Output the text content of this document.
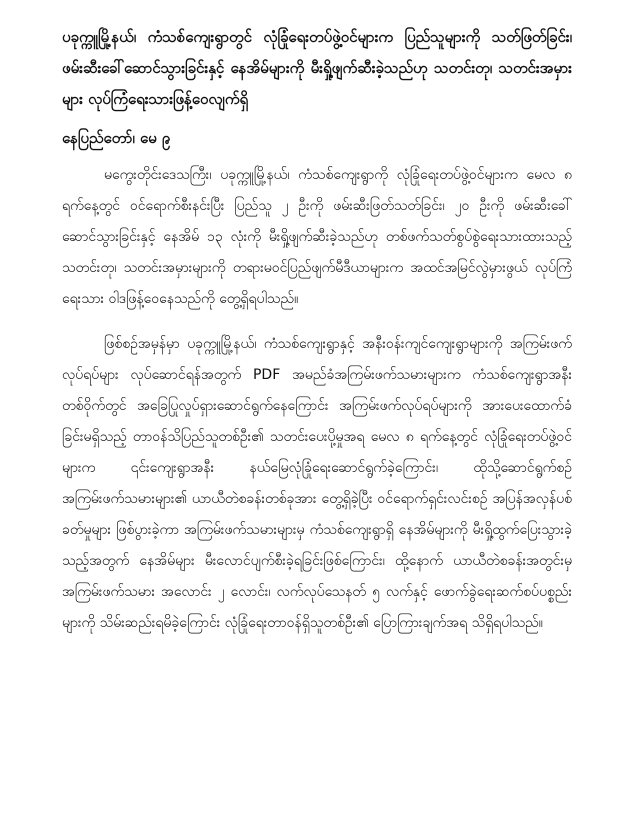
ပခုက္ကူမြို့နယ်၊ ကံသစ်ကျေးရွာတွင် လုံခြုံရေးတပ်ဖွဲ့ဝင်များက ပြည်သူများကို သတ်ဖြတ်ခြင်း၊ ဖမ်းဆီးခေါ်ဆောင်သွားခြင်းနှင့် နေအိမ်များကို မီးရှို့ဖျက်ဆီးခဲ့သည်ဟု သတင်းတု၊ သတင်းအမှားများ လုပ်ကြံရေးသားဖြန့်ဝေလျက်ရှိ

နေပြည်တော်၊ မေ ၉

မကွေးတိုင်းဒေသကြီး၊ ပခုက္ကူမြို့နယ်၊ ကံသစ်ကျေးရွာကို လုံခြုံရေးတပ်ဖွဲ့ဝင်များက မေလ ၈ ရက်နေ့တွင် ဝင်ရောက်စီးနင်းပြီး ပြည်သူ ၂ ဦးကို ဖမ်းဆီးဖြတ်သတ်ခြင်း၊ ၂၀ ဦးကို ဖမ်းဆီးခေါ်ဆောင်သွားခြင်းနှင့် နေအိမ် ၁၃ လုံးကို မီးရှို့ဖျက်ဆီးခဲ့သည်ဟု တစ်ဖက်သတ်စွပ်စွဲရေးသားထားသည့် သတင်းတု၊ သတင်းအမှားများကို တရားမဝင်ပြည်ဖျက်မီဒီယာများက အထင်အမြင်လွဲမှားဖွယ် လုပ်ကြံရေးသား ဝါဒဖြန့်ဝေနေသည်ကို တွေ့ရှိရပါသည်။

ဖြစ်စဉ်အမှန်မှာ ပခုက္ကူမြို့နယ်၊ ကံသစ်ကျေးရွာနှင့် အနီးဝန်းကျင်ကျေးရွာများကို အကြမ်းဖက်လုပ်ရပ်များ လုပ်ဆောင်ရန်အတွက် PDF အမည်ခံအကြမ်းဖက်သမားများက ကံသစ်ကျေးရွာအနီးတစ်ဝိုက်တွင် အခြေပြုလှုပ်ရှားဆောင်ရွက်နေကြောင်း အကြမ်းဖက်လုပ်ရပ်များကို အားပေးထောက်ခံခြင်းမရှိသည့် တာဝန်သိပြည်သူတစ်ဦး၏ သတင်းပေးပို့မှုအရ မေလ ၈ ရက်နေ့တွင် လုံခြုံရေးတပ်ဖွဲ့ဝင်များက ၎င်းကျေးရွာအနီး နယ်မြေလုံခြုံရေးဆောင်ရွက်ခဲ့ကြောင်း၊ ထိုသို့ဆောင်ရွက်စဉ် အကြမ်းဖက်သမားများ၏ ယာယီတဲစခန်းတစ်ခုအား တွေ့ရှိခဲ့ပြီး ဝင်ရောက်ရှင်းလင်းစဉ် အပြန်အလှန်ပစ်ခတ်မှုများ ဖြစ်ပွားခဲ့ကာ အကြမ်းဖက်သမားများမှ ကံသစ်ကျေးရွာရှိ နေအိမ်များကို မီးရှို့ထွက်ပြေးသွားခဲ့သည့်အတွက် နေအိမ်များ မီးလောင်ပျက်စီးခဲ့ရခြင်းဖြစ်ကြောင်း၊ ထို့နောက် ယာယီတဲစခန်းအတွင်းမှ အကြမ်းဖက်သမား အလောင်း ၂ လောင်း၊ လက်လုပ်သေနတ် ၅ လက်နှင့် ဖောက်ခွဲရေးဆက်စပ်ပစ္စည်းများကို သိမ်းဆည်းရမိခဲ့ကြောင်း လုံခြုံရေးတာဝန်ရှိသူတစ်ဦး၏ ပြောကြားချက်အရ သိရှိရပါသည်။
